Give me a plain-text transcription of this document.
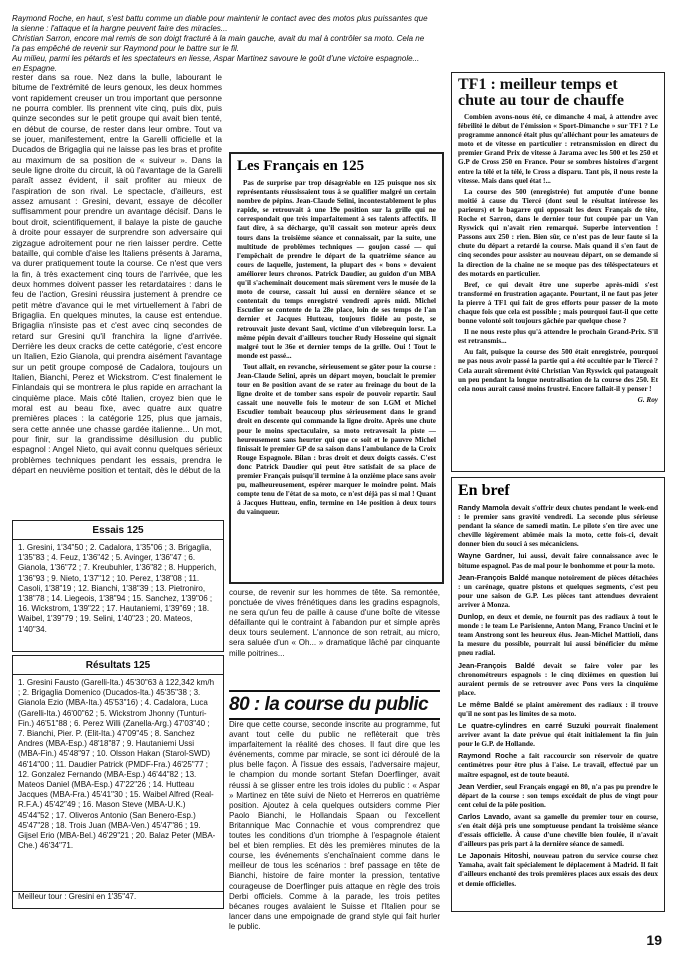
Raymond Roche, en haut, s'est battu comme un diable pour maintenir le contact avec des motos plus puissantes que la sienne : l'attaque et la hargne peuvent faire des miracles...

Christian Sarron, encore mal remis de son doigt fracturé à la main gauche, avait du mal à contrôler sa moto. Cela ne l'a pas empêché de revenir sur Raymond pour le battre sur le fil.

Au milieu, parmi les pétards et les spectateurs en liesse, Aspar Martinez savoure le goût d'une victoire espagnole... en Espagne.

rester dans sa roue. Nez dans la bulle, labourant le bitume de l'extrémité de leurs genoux, les deux hommes vont rapidement creuser un trou important que personne ne pourra combler. Ils prennent vite cinq, puis dix, puis quinze secondes sur le petit groupe qui avait bien tenté, en début de course, de rester dans leur ombre. Tout va se jouer, manifestement, entre la Garelli officielle et la Ducados de Brigaglia qui ne laisse pas les bras et profite au maximum de sa position de « suiveur ». Dans la seule ligne droite du circuit, là où l'avantage de la Garelli paraît assez évident, il sait profiter au mieux de l'aspiration de son rival. Le spectacle, d'ailleurs, est assez amusant : Gresini, devant, essaye de décoller suffisamment pour prendre un avantage décisif. Dans le bout droit, scientifiquement, il balaye la piste de gauche à droite pour essayer de surprendre son adversaire qui zigzague adroitement pour ne rien laisser perdre. Cette bataille, qui comble d'aise les Italiens présents à Jarama, va durer pratiquement toute la course. Ce n'est que vers la fin, à très exactement cinq tours de l'arrivée, que les deux hommes doivent passer les retardataires : dans le feu de l'action, Gresini réussira justement à prendre ce petit mètre d'avance qui le met virtuellement à l'abri de Brigaglia. En quelques minutes, la cause est entendue. Brigaglia n'insiste pas et c'est avec cinq secondes de retard sur Gresini qu'il franchira la ligne d'arrivée. Derrière les deux cracks de cette catégorie, c'est encore un Italien, Ezio Gianola, qui prendra aisément l'avantage sur un petit groupe composé de Cadalora, toujours un Italien, Bianchi, Perez et Wickstrom. C'est finalement le Finlandais qui se montrera le plus rapide en arrachant la cinquième place. Mais côté Italien, croyez bien que le moral est au beau fixe, avec quatre aux quatre premières places : la catégorie 125, plus que jamais, sera cette année une chasse gardée italienne... Un mot, pour finir, sur la grandissime désillusion du public espagnol : Angel Nieto, qui avait connu quelques sérieux problèmes techniques pendant les essais, prendra le départ en neuvième position et tentait, dès le début de la

Les Français en 125

Pas de surprise par trop désagréable en 125 puisque nos six représentants réussissaient tous à se qualifier malgré un certain nombre de pépins. Jean-Claude Selini, incontestablement le plus rapide, se retrouvait à une 19e position sur la grille qui ne correspondait que très imparfaitement à ses talents affectifs. Il faut dire, à sa décharge, qu'il cassait son moteur après deux tours dans la troisième séance et connaissait, par la suite, une multitude de problèmes techniques — goujon cassé — qui l'empêchait de prendre le départ de la quatrième séance au cours de laquelle, justement, la plupart des « bons » devaient améliorer leurs chronos. Patrick Daudier, au guidon d'un MBA qu'il s'acheminait doucement mais sûrement vers le musée de la moto de course, cassait lui aussi en dernière séance et se contentait du temps enregistré vendredi après midi. Michel Escudier se contente de la 28e place, loin de ses temps de l'an dernier et Jacques Hutteau, toujours fidèle au poste, se retrouvait juste devant Saul, victime d'un vilebrequin lorsr. La même pépin devait d'ailleurs toucher Rudy Hosseine qui signait malgré tout le 36e et dernier temps de la grille. Oui ! Tout le monde est passé...

Tout allait, en revanche, sérieusement se gâter pour la course : Jean-Claude Selini, après un départ moyen, bouclait le premier tour en 8e position avant de se rater au freinage du bout de la ligne droite et de tomber sans espoir de pouvoir repartir. Saul cassait une nouvelle fois le moteur de son LGM et Michel Escudier tombait beaucoup plus sérieusement dans le grand droit en descente qui commande la ligne droite. Après une chute pour le moins spectaculaire, sa moto retravesait la piste — heureusement sans heurter qui que ce soit et le pauvre Michel finissait le premier GP de sa saison dans l'ambulance de la Croix Rouge Espagnole. Bilan : bras droit et deux doigts cassés. C'est donc Patrick Daudier qui peut être satisfait de sa place de premier Français puisqu'il termine à la onzième place sans avoir pu, malheureusement, espérer marquer le moindre point. Mais compte tenu de l'état de sa moto, ce n'est déjà pas si mal ! Quant à Jacques Hutteau, enfin, termine en 14e position à deux tours du vainqueur.

TF1 : meilleur temps et
chute au tour de chauffe

Combien avons-nous été, ce dimanche 4 mai, à attendre avec fébrilité le début de l'émission « Sport-Dimanche » sur TF1 ? Le programme annoncé était plus qu'alléchant pour les amateurs de moto et de vitesse en particulier : retransmission en direct du premier Grand Prix de vitesse à Jarama avec les 500 et les 250 et G.P de Cross 250 en France. Pour se sombres histoires d'argent entre la télé et la télé, le Cross a disparu. Tant pis, il nous reste la vitesse. Mais dans quel état !...

La course des 500 (enregistrée) fut amputée d'une bonne moitié à cause du Tiercé (dont seul le résultat intéresse les parieurs) et le bagarre qui opposait les deux Français de tête, Roche et Sarron, dans le dernier tour fut coupée par un Van Ryswick qui n'avait rien remarqué. Superbe intervention ! Passons aux 250 : rien. Bien sûr, ce n'est pas de leur faute si la chute du départ a retardé la course. Mais quand il s'en faut de cinq secondes pour assister au nouveau départ, on se demande si la direction de la chaîne ne se moque pas des téléspectateurs et des motards en particulier.

Bref, ce qui devait être une superbe après-midi s'est transformé en frustration agaçante. Pourtant, il ne faut pas jeter la pierre à TF1 qui fait de gros efforts pour passer de la moto chaque fois que cela est possible ; mais pourquoi faut-il que cette bonne volonté soit toujours gâchée par quelque chose ?

Il ne nous reste plus qu'à attendre le prochain Grand-Prix. S'il est retransmis...

Au fait, puisque la course des 500 était enregistrée, pourquoi ne pas nous avoir passé la partie qui a été occultée par le Tiercé ? Cela aurait sûrement évité Christian Van Ryswick qui pataugeait un peu pendant la longue neutralisation de la course des 250. Et cela nous aurait causé moins frustré. Encore fallait-il y penser !

G. Roy
En bref

Randy Mamola devait s'offrir deux chutes pendant le week-end : le premier sans gravité vendredi. La seconde plus sérieuse pendant la séance de samedi matin. Le pilote s'en tire avec une cheville légèrement abîmée mais la moto, cette fois-ci, devait donner bien du souci à ses mécaniciens.

Wayne Gardner, lui aussi, devait faire connaissance avec le bitume espagnol. Pas de mal pour le bonhomme et pour la moto.

Jean-François Baldé manque notoirement de pièces détachées : un carénage, quatre pistons et quelques segments, c'est peu pour une saison de G.P. Les pièces tant attendues devraient arriver à Monza.

Dunlop, en deux et demie, ne fournit pas des radiaux à tout le monde : le team Le Parisienne, Anton Mang, Franco Uncini et le team Anstrong sont les heureux élus. Jean-Michel Mattioli, dans la mesure du possible, pourrait lui aussi bénéficier du même pneu radial.

Jean-François Baldé devait se faire voler par les chronométreurs espagnols : le cinq dixièmes en question lui auraient permis de se retrouver avec Pons vers la cinquième place.

Le même Baldé se plaint amèrement des radiaux : il trouve qu'il ne sont pas les limites de sa moto.

Le quatre-cylindres en carré Suzuki pourrait finalement arriver avant la date prévue qui était initialement la fin juin pour le G.P. de Hollande.

Raymond Roche a fait raccourcir son réservoir de quatre centimètres pour être plus à l'aise. Le travail, effectué par un maître espagnol, est de toute beauté.

Jean Verdier, seul Français engagé en 80, n'a pas pu prendre le départ de la course : son temps excédait de plus de vingt pour cent celui de la pôle position.

Carlos Lavado, avant sa gamelle du premier tour en course, s'en était déjà pris une somptueuse pendant la troisième séance d'essais officielle. À cause d'une cheville bien foulée, il n'avait d'ailleurs pas pris part à la dernière séance de samedi.

Le Japonais Hitoshi, nouveau patron du service course chez Yamaha, avait fait spécialement le déplacement à Madrid. Il fait d'ailleurs enchanté des trois premières places aux essais des deux et demie officielles.

Essais 125
1. Gresini, 1'34"50 ; 2. Cadalora, 1'35"06 ; 3. Brigaglia, 1'35"83 ; 4. Feuz, 1'36"42 ; 5. Avinger, 1'36"47 ; 6. Gianola, 1'36"72 ; 7. Kreubuhler, 1'36"82 ; 8. Hupperich, 1'36"93 ; 9. Nieto, 1'37"12 ; 10. Perez, 1'38"08 ; 11. Casoli, 1'38"19 ; 12. Bianchi, 1'38"39 ; 13. Pietroniro, 1'38"78 ; 14. Liegeois, 1'38"94 ; 15. Sanchez, 1'39"06 ; 16. Wickstrom, 1'39"22 ; 17. Hautaniemi, 1'39"69 ; 18. Waibel, 1'39"79 ; 19. Selini, 1'40"23 ; 20. Mateos, 1'40"34.
Résultats 125
1. Gresini Fausto (Garelli-Ita.) 45'30"63 à 122,342 km/h ; 2. Brigaglia Domenico (Ducados-Ita.) 45'35"38 ; 3. Gianola Ezio (MBA-Ita.) 45'53"16) ; 4. Cadalora, Luca (Garelli-Ita.) 46'00"62 ; 5. Wickstrom Jhonny (Tunturi-Fin.) 46'51"88 ; 6. Perez Willi (Zanella-Arg.) 47'03"40 ; 7. Bianchi, Pier. P. (Elit-Ita.) 47'09"45 ; 8. Sanchez Andres (MBA-Esp.) 48'18"87 ; 9. Hautaniemi Ussi (MBA-Fin.) 45'48"97 ; 10. Olsson Hakan (Starol-SWD) 46'14"00 ; 11. Daudier Patrick (PMDF-Fra.) 46'25"77 ; 12. Gonzalez Fernando (MBA-Esp.) 46'44"82 ; 13. Mateos Daniel (MBA-Esp.) 47'22"26 ; 14. Hutteau Jacques (MBA-Fra.) 45'41"30 ; 15. Waibel Alfred (Real-R.F.A.) 45'42"49 ; 16. Mason Steve (MBA-U.K.) 45'44"52 ; 17. Oliveros Antonio (San Benero-Esp.) 45'47"28 ; 18. Trois Juan (MBA-Ven.) 45'47"86 ; 19. Gijsel Erio (MBA-Bel.) 46'29"21 ; 20. Balaz Peter (MBA-Che.) 46'34"71.
Meilleur tour : Gresini en 1'35"47.

course, de revenir sur les hommes de tête. Sa remontée, ponctuée de vives frénétiques dans les gradins espagnols, ne sera qu'un feu de paille à cause d'une boîte de vitesse défaillante qui le contraint à l'abandon pur et simple après deux tours seulement. L'annonce de son retrait, au micro, sera saluée d'un « Oh... » dramatique lâché par cinquante mille poitrines...

80 : la course du public

Dire que cette course, seconde inscrite au programme, fut avant tout celle du public ne reflèterait que très imparfaitement la réalité des choses. Il faut dire que les événements, comme par miracle, se sont ici déroulé de la plus belle façon. À l'issue des essais, l'adversaire majeur, le champion du monde sortant Stefan Doerflinger, avait réussi à se glisser entre les trois idoles du public : « Aspar » Martinez en tête suivi de Nieto et Herreros en quatrième position. Ajoutez à cela quelques outsiders comme Pier Paolo Bianchi, le Hollandais Spaan ou l'excellent Britannique Mac Connachie et vous comprendrez que toutes les conditions d'un triomphe à l'espagnole étaient bel et bien remplies. Et dès les premières minutes de la course, les événements s'enchaînaient comme dans le meilleur de tous les scénarios : bref passage en tête de Bianchi, histoire de faire monter la pression, tentative courageuse de Doerflinger puis attaque en règle des trois Derbi officiels. Comme à la parade, les trois petites bécanes rouges avalaient le Suisse et l'Italien pour se lancer dans une empoignade de grand style qui fait hurler le public.

19
